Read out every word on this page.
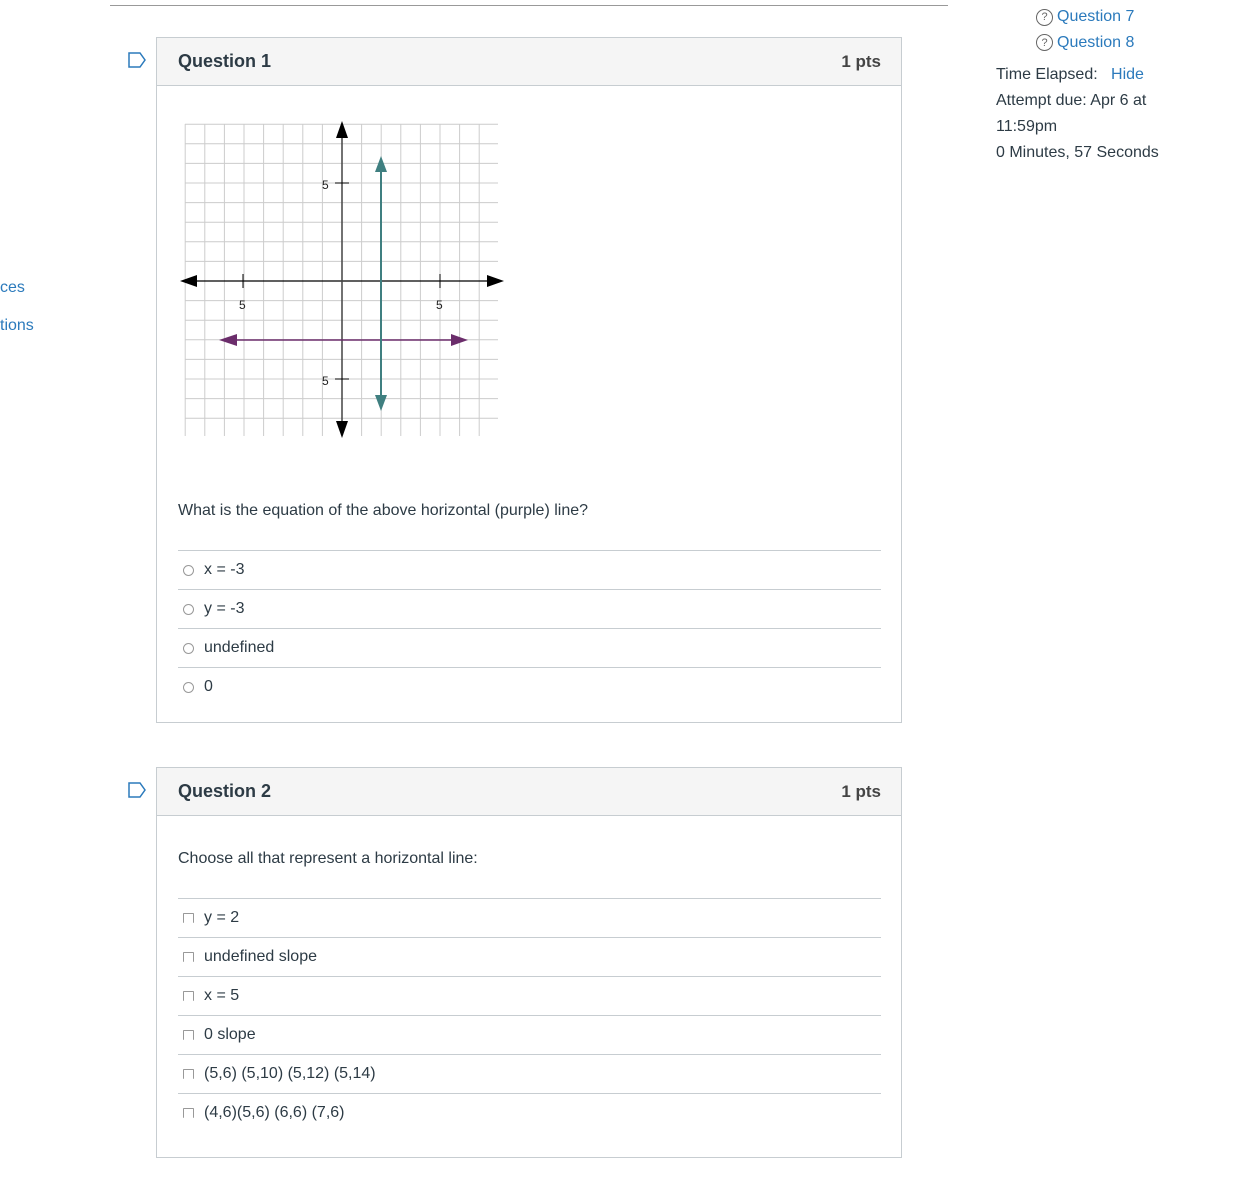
ces
tions
? Question 7
? Question 8
Time Elapsed: Hide
Attempt due: Apr 6 at
11:59pm
0 Minutes, 57 Seconds
Question 1	1 pts
5	5
5
5
What is the equation of the above horizontal (purple) line?
x = -3
y = -3
undefined
0
Question 2	1 pts
Choose all that represent a horizontal line:
y = 2
undefined slope
x = 5
0 slope
(5,6) (5,10) (5,12) (5,14)
(4,6)(5,6) (6,6) (7,6)
